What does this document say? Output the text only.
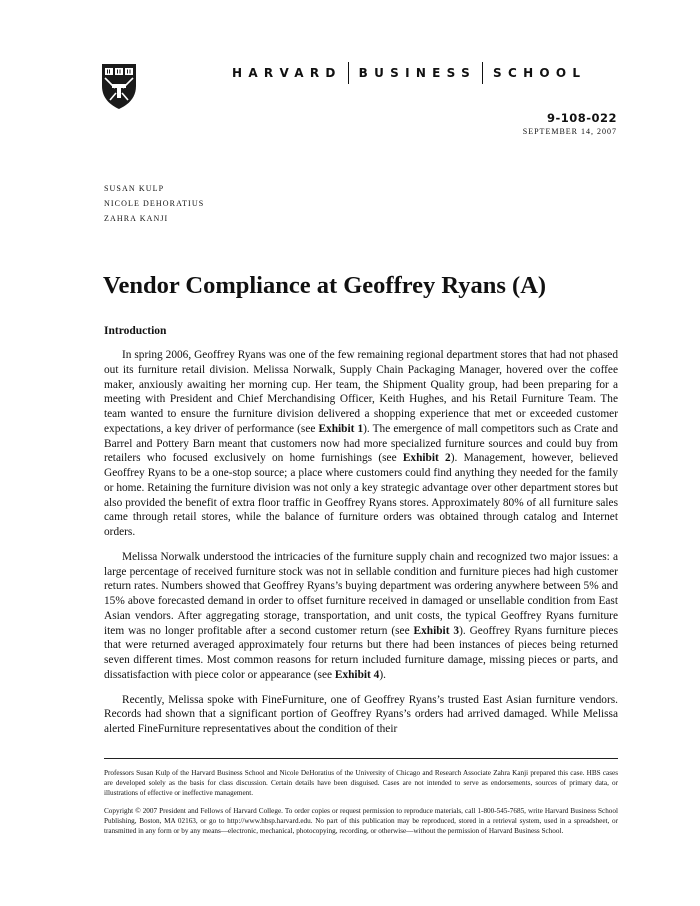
HARVARD BUSINESS SCHOOL
9-108-022
SEPTEMBER 14, 2007
SUSAN KULP
NICOLE DEHORATIUS
ZAHRA KANJI
Vendor Compliance at Geoffrey Ryans (A)
Introduction

In spring 2006, Geoffrey Ryans was one of the few remaining regional department stores that had not phased out its furniture retail division. Melissa Norwalk, Supply Chain Packaging Manager, hovered over the coffee maker, anxiously awaiting her morning cup. Her team, the Shipment Quality group, had been preparing for a meeting with President and Chief Merchandising Officer, Keith Hughes, and his Retail Furniture Team. The team wanted to ensure the furniture division delivered a shopping experience that met or exceeded customer expectations, a key driver of performance (see Exhibit 1). The emergence of mall competitors such as Crate and Barrel and Pottery Barn meant that customers now had more specialized furniture sources and could buy from retailers who focused exclusively on home furnishings (see Exhibit 2). Management, however, believed Geoffrey Ryans to be a one-stop source; a place where customers could find anything they needed for the family or home. Retaining the furniture division was not only a key strategic advantage over other department stores but also provided the benefit of extra floor traffic in Geoffrey Ryans stores. Approximately 80% of all furniture sales came through retail stores, while the balance of furniture orders was obtained through catalog and Internet orders.

Melissa Norwalk understood the intricacies of the furniture supply chain and recognized two major issues: a large percentage of received furniture stock was not in sellable condition and furniture pieces had high customer return rates. Numbers showed that Geoffrey Ryans’s buying department was ordering anywhere between 5% and 15% above forecasted demand in order to offset furniture received in damaged or unsellable condition from East Asian vendors. After aggregating storage, transportation, and unit costs, the typical Geoffrey Ryans furniture item was no longer profitable after a second customer return (see Exhibit 3). Geoffrey Ryans furniture pieces that were returned averaged approximately four returns but there had been instances of pieces being returned seven different times. Most common reasons for return included furniture damage, missing pieces or parts, and dissatisfaction with piece color or appearance (see Exhibit 4).

Recently, Melissa spoke with FineFurniture, one of Geoffrey Ryans’s trusted East Asian furniture vendors. Records had shown that a significant portion of Geoffrey Ryans’s orders had arrived damaged. While Melissa alerted FineFurniture representatives about the condition of their

Professors Susan Kulp of the Harvard Business School and Nicole DeHoratius of the University of Chicago and Research Associate Zahra Kanji prepared this case. HBS cases are developed solely as the basis for class discussion. Certain details have been disguised. Cases are not intended to serve as endorsements, sources of primary data, or illustrations of effective or ineffective management.

Copyright © 2007 President and Fellows of Harvard College. To order copies or request permission to reproduce materials, call 1-800-545-7685, write Harvard Business School Publishing, Boston, MA 02163, or go to http://www.hbsp.harvard.edu. No part of this publication may be reproduced, stored in a retrieval system, used in a spreadsheet, or transmitted in any form or by any means—electronic, mechanical, photocopying, recording, or otherwise—without the permission of Harvard Business School.
